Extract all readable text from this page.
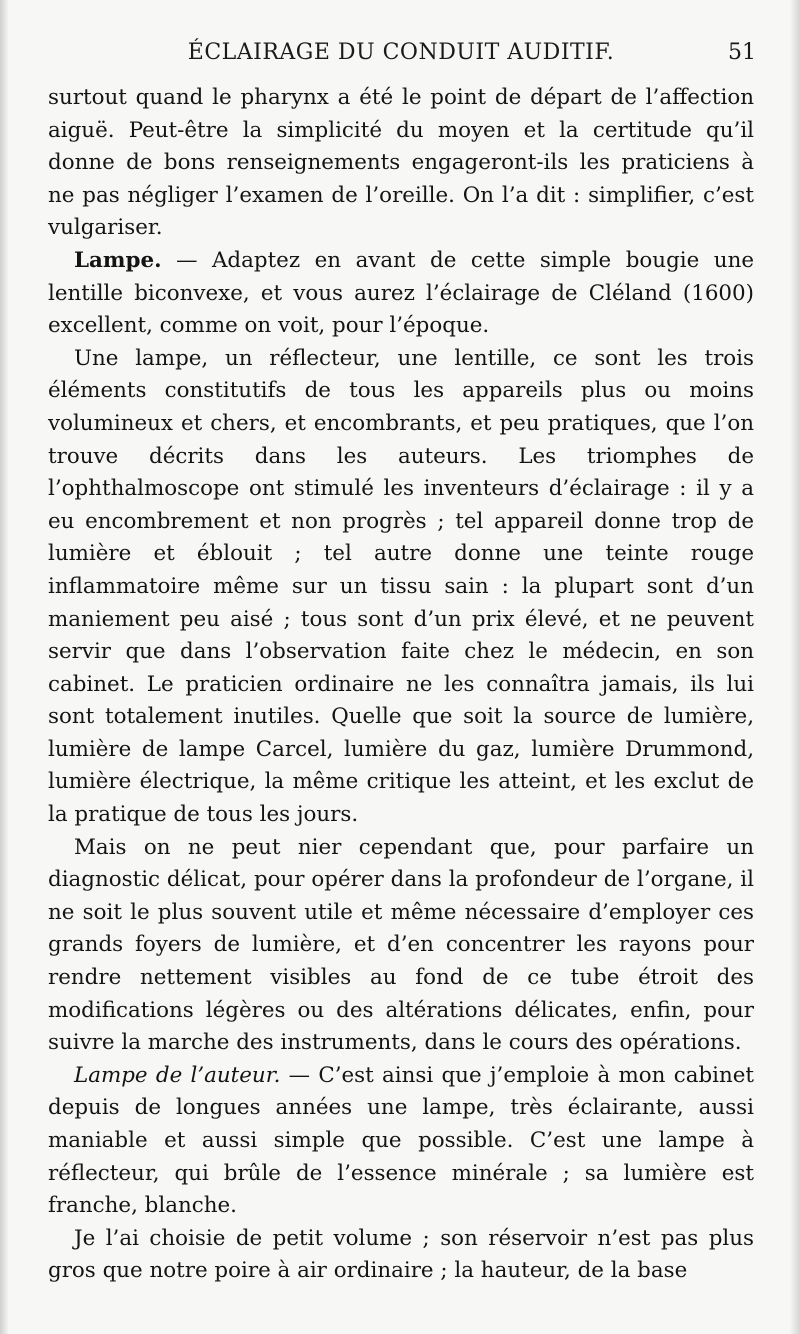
ÉCLAIRAGE DU CONDUIT AUDITIF.	51

surtout quand le pharynx a été le point de départ de l’affection aiguë. Peut-être la simplicité du moyen et la certitude qu’il donne de bons renseignements engageront-ils les praticiens à ne pas négliger l’examen de l’oreille. On l’a dit : simplifier, c’est vulgariser.

Lampe. — Adaptez en avant de cette simple bougie une lentille biconvexe, et vous aurez l’éclairage de Cléland (1600) excellent, comme on voit, pour l’époque.

Une lampe, un réflecteur, une lentille, ce sont les trois éléments constitutifs de tous les appareils plus ou moins volumineux et chers, et encombrants, et peu pratiques, que l’on trouve décrits dans les auteurs. Les triomphes de l’ophthalmoscope ont stimulé les inventeurs d’éclairage : il y a eu encombrement et non progrès ; tel appareil donne trop de lumière et éblouit ; tel autre donne une teinte rouge inflammatoire même sur un tissu sain : la plupart sont d’un maniement peu aisé ; tous sont d’un prix élevé, et ne peuvent servir que dans l’observation faite chez le médecin, en son cabinet. Le praticien ordinaire ne les connaîtra jamais, ils lui sont totalement inutiles. Quelle que soit la source de lumière, lumière de lampe Carcel, lumière du gaz, lumière Drummond, lumière électrique, la même critique les atteint, et les exclut de la pratique de tous les jours.

Mais on ne peut nier cependant que, pour parfaire un diagnostic délicat, pour opérer dans la profondeur de l’organe, il ne soit le plus souvent utile et même nécessaire d’employer ces grands foyers de lumière, et d’en concentrer les rayons pour rendre nettement visibles au fond de ce tube étroit des modifications légères ou des altérations délicates, enfin, pour suivre la marche des instruments, dans le cours des opérations.

Lampe de l’auteur. — C’est ainsi que j’emploie à mon cabinet depuis de longues années une lampe, très éclairante, aussi maniable et aussi simple que possible. C’est une lampe à réflecteur, qui brûle de l’essence minérale ; sa lumière est franche, blanche.

Je l’ai choisie de petit volume ; son réservoir n’est pas plus gros que notre poire à air ordinaire ; la hauteur, de la base
